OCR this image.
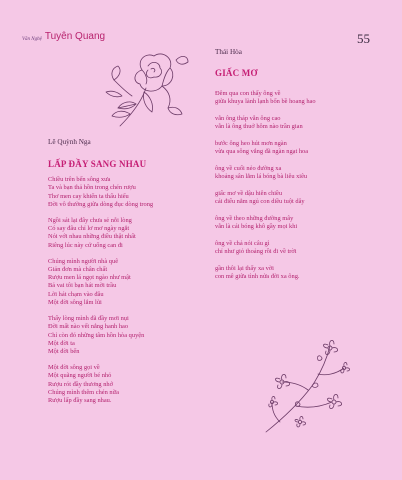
Văn Nghệ Tuyên Quang	55

Lê Quỳnh Nga

LẤP ĐẦY SANG NHAU

Chiều trên bến sông xưa
Ta và bạn thả hồn trong chén rượu
Thơ men cay khiến ta thấu hiểu
Đời vô thường giữa dòng đục dòng trong
Ngồi sát lại đây chưa sẻ nỗi lòng
Có say đâu chỉ lơ mơ ngày ngắt
Nói với nhau những điều thật nhất
Riêng lúc này cứ uống can đi
Chúng mình người nhà quê
Giản đơn mà chân chất
Rượu men lá ngọt ngào như mật
Bả vai tôi bạn hát mời trầu
Lời hát chạm vào đâu
Một đời sông lắm lũi
Thấy lòng mình đã đầy mơi nụi
Đời mất nào vết nắng hanh hao
Chỉ còn đó những tâm hồn hòa quyện
Một đời ta
Một đời bến
Một đời sông gọi về
Một quãng người bé nhỏ
Rượu rót đầy thương nhớ
Chúng mình thêm chén nữa
Rượu lấp đầy sang nhau.

Thái Hòa

GIẤC MƠ

Đêm qua con thấy ông về
giữa khuya lành lạnh bốn bề hoang hao
vẫn ông tháp vẫn ông cao
vẫn là ông thuở hôm nào trần gian
bước ông heo hút mơn ngàn
vừa qua sông vắng đã ngàn ngạt hoa
ông về cuối nẻo đường xa
khoảng sân lắm lá bóng bà liêu xiêu
giấc mơ về dậu hiên chiều
cái điếu nằm ngủ con diều tuột dây
ông về theo những đường mây
vẫn là cái bóng khô gầy mọi khi
ông về chả nói câu gì
chỉ như giỏ thoảng rồi đi về trời
gần thôi lại thấy xa vời
con mê giữa tình nửa đời xa ông.
